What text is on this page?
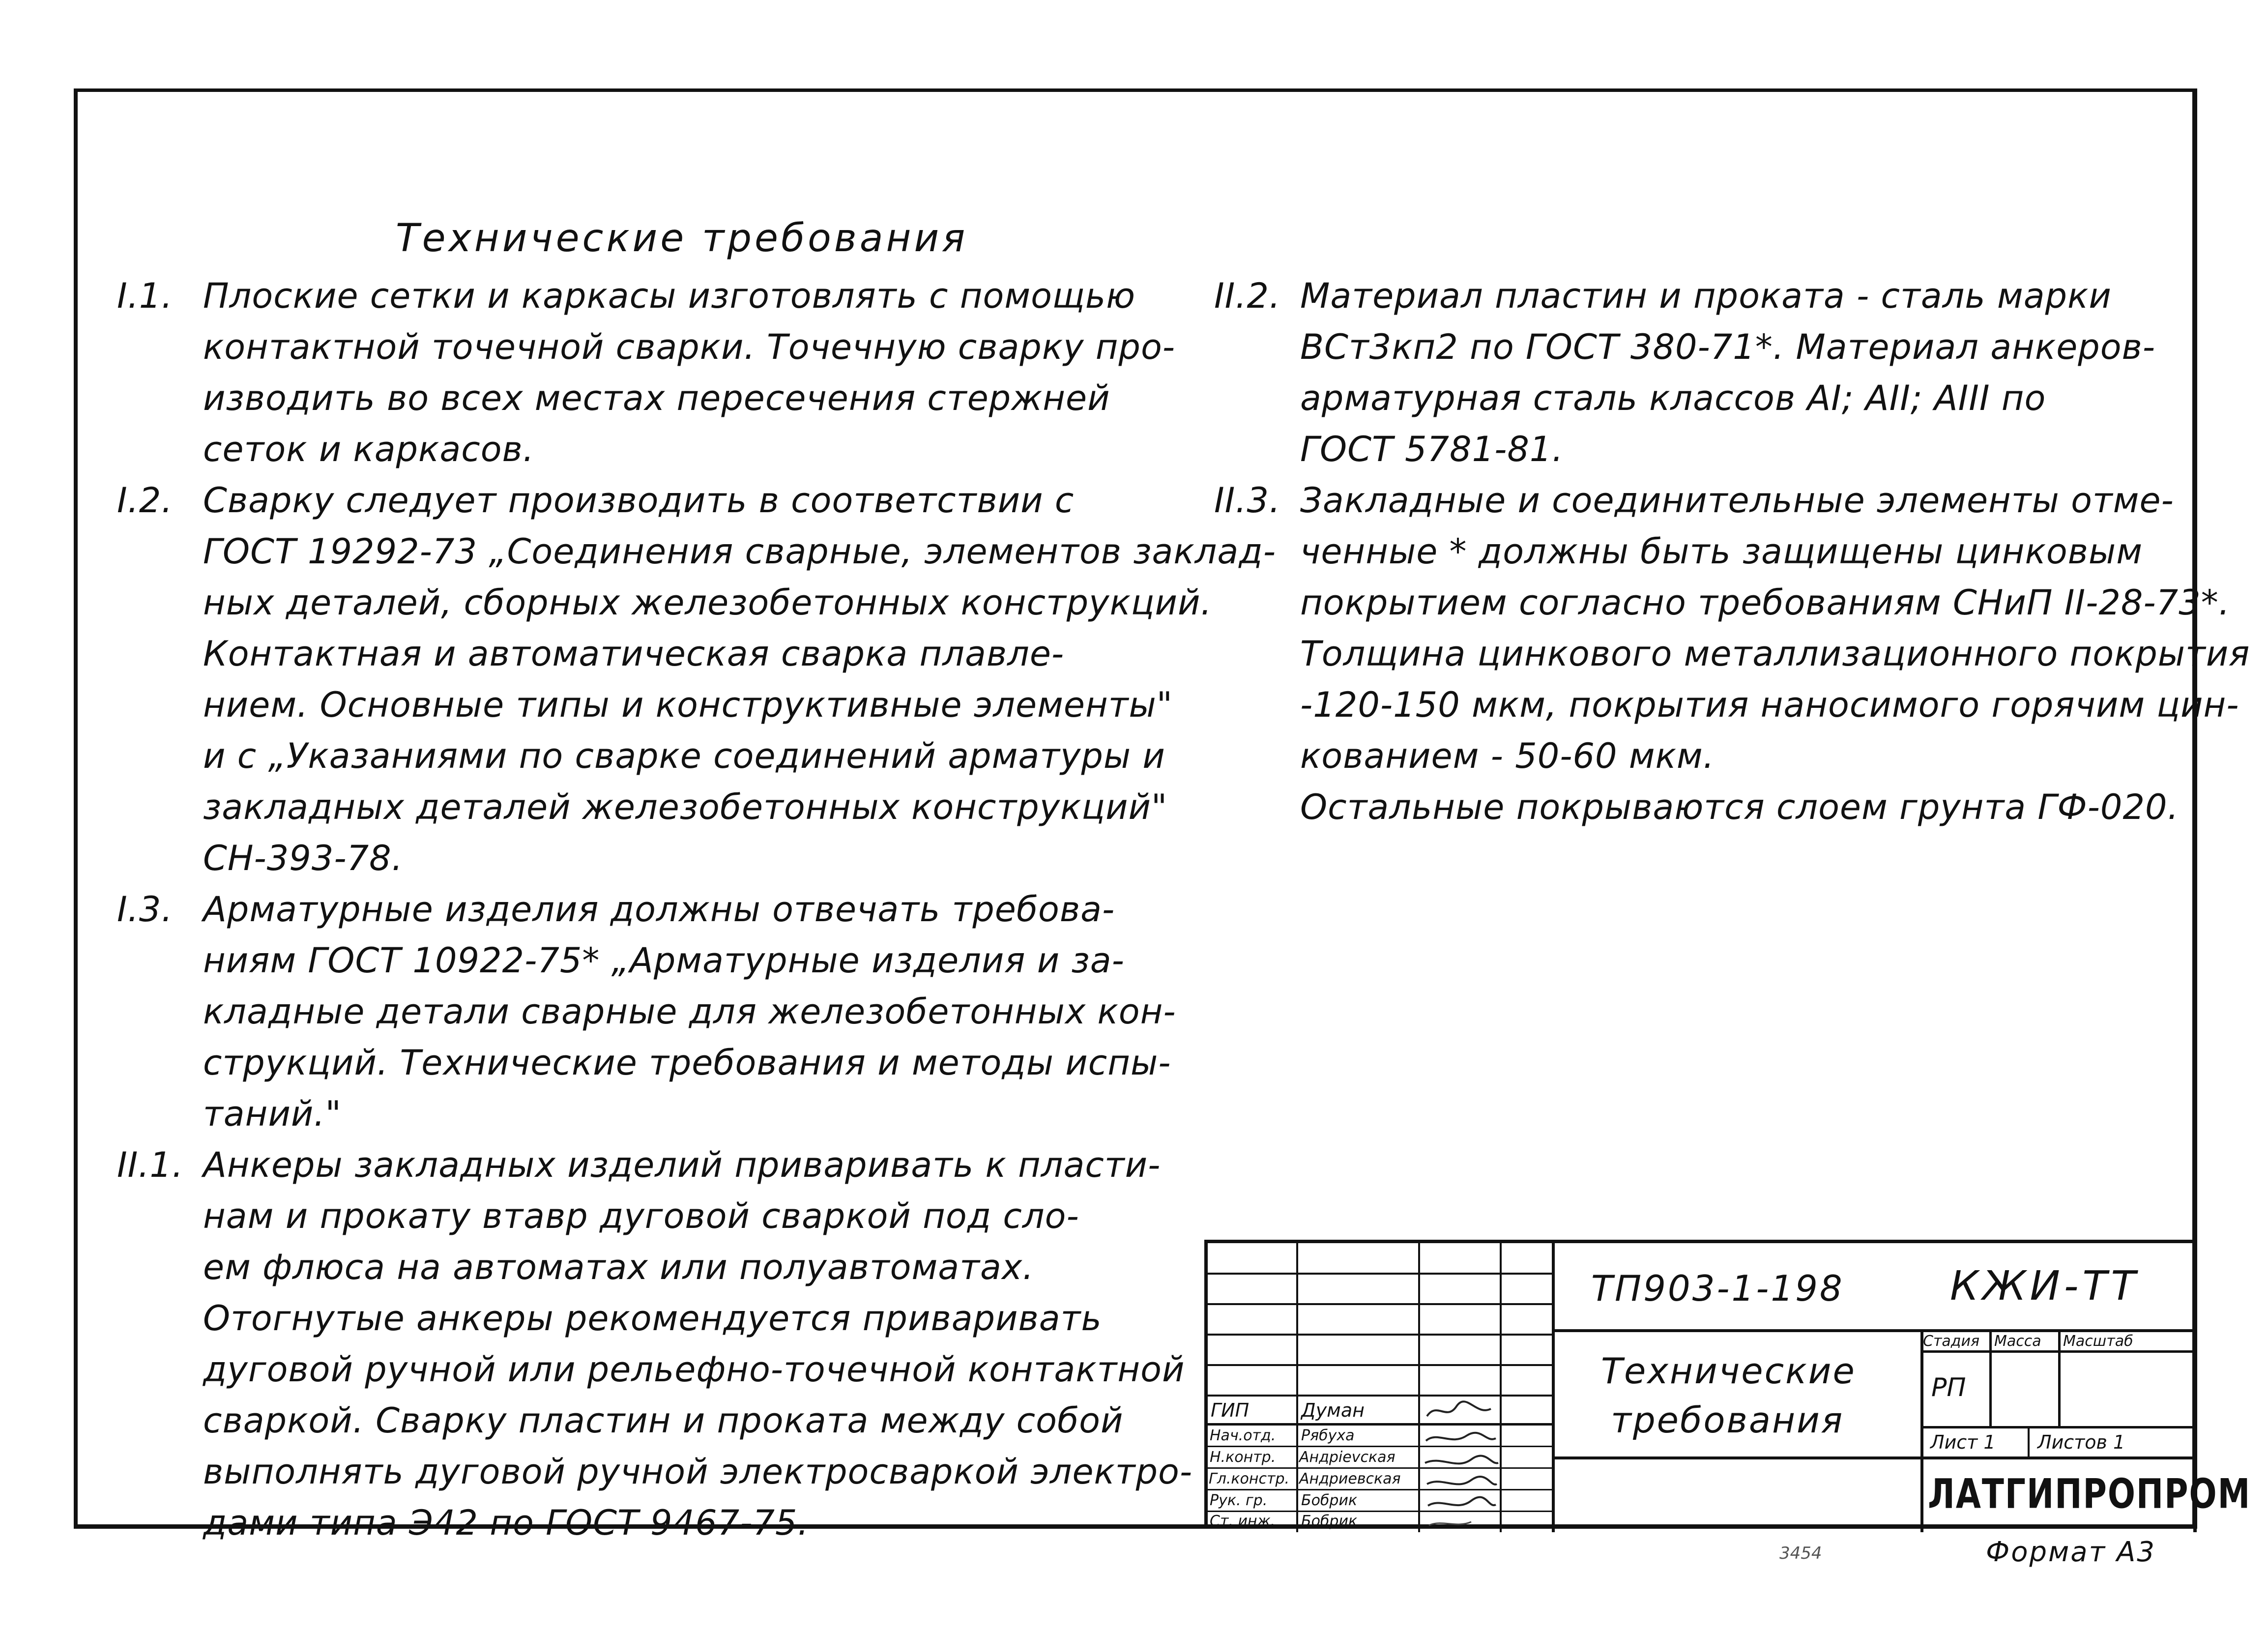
Технические требования
I.1. Плоские сетки и каркасы изготовлять с помощью
контактной точечной сварки. Точечную сварку про-
изводить во всех местах пересечения стержней
сеток и каркасов.
I.2. Сварку следует производить в соответствии с
ГОСТ 19292-73 „Соединения сварные, элементов заклад-
ных деталей, сборных железобетонных конструкций.
Контактная и автоматическая сварка плавле-
нием. Основные типы и конструктивные элементы"
и с „Указаниями по сварке соединений арматуры и
закладных деталей железобетонных конструкций"
СН-393-78.
I.3. Арматурные изделия должны отвечать требова-
ниям ГОСТ 10922-75* „Арматурные изделия и за-
кладные детали сварные для железобетонных кон-
струкций. Технические требования и методы испы-
таний."
II.1. Анкеры закладных изделий приваривать к пласти-
нам и прокату втавр дуговой сваркой под сло-
ем флюса на автоматах или полуавтоматах.
Отогнутые анкеры рекомендуется приваривать
дуговой ручной или рельефно-точечной контактной
сваркой. Сварку пластин и проката между собой
выполнять дуговой ручной электросваркой электро-
дами типа Э42 по ГОСТ 9467-75.
II.2. Материал пластин и проката - сталь марки
ВСт3кп2 по ГОСТ 380-71*. Материал анкеров-
арматурная сталь классов АI; АII; АIII по
ГОСТ 5781-81.
II.3. Закладные и соединительные элементы отме-
ченные * должны быть защищены цинковым
покрытием согласно требованиям СНиП II-28-73*.
Толщина цинкового металлизационного покрытия
-120-150 мкм, покрытия наносимого горячим цин-
кованием - 50-60 мкм.
Остальные покрываются слоем грунта ГФ-020.
ГИП	Думан
Нач.отд. Рябуха
Н.контр. Андрievская
Гл.констр. Андриевская
Рук. гр. Бобрик
Ст. инж. Бобрик
ТП903-1-198	КЖИ-ТТ
Технические
требования
Стадия Масса Масштаб
РП
Лист 1 Листов 1
ЛАТГИПРОПРОМ
3454	Формат А3
